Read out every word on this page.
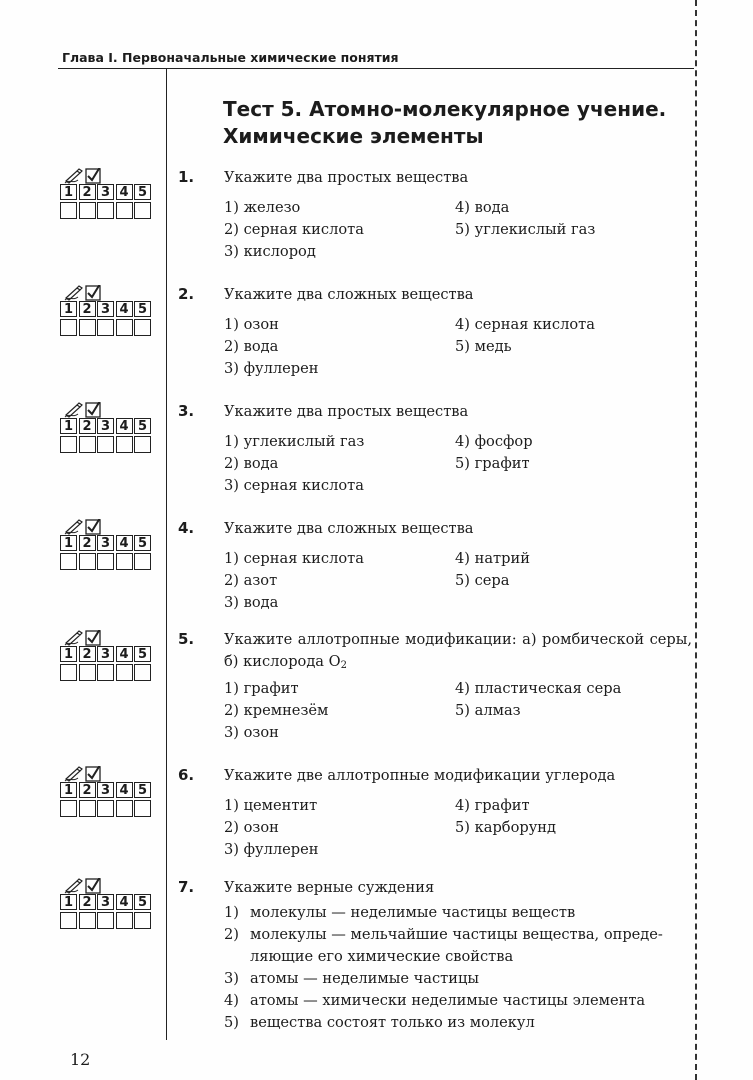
Глава I. Первоначальные химические понятия
Тест 5. Атомно-молекулярное учение.
Химические элементы
1 2 3 4 5
1. Укажите два простых вещества
1) железо
2) серная кислота
3) кислород
4) вода
5) углекислый газ
1 2 3 4 5
2. Укажите два сложных вещества
1) озон
2) вода
3) фуллерен
4) серная кислота
5) медь
1 2 3 4 5
3. Укажите два простых вещества
1) углекислый газ
2) вода
3) серная кислота
4) фосфор
5) графит
1 2 3 4 5
4. Укажите два сложных вещества
1) серная кислота
2) азот
3) вода
4) натрий
5) сера
1 2 3 4 5
5. Укажите аллотропные модификации: а) ромбической серы, б) кислорода $O_2$
1) графит
2) кремнезём
3) озон
4) пластическая сера
5) алмаз
1 2 3 4 5
6. Укажите две аллотропные модификации углерода
1) цементит
2) озон
3) фуллерен
4) графит
5) карборунд
1 2 3 4 5
7. Укажите верные суждения
1) молекулы — неделимые частицы веществ
2) молекулы — мельчайшие частицы вещества, опреде-
ляющие его химические свойства
3) атомы — неделимые частицы
4) атомы — химически неделимые частицы элемента
5) вещества состоят только из молекул
12
